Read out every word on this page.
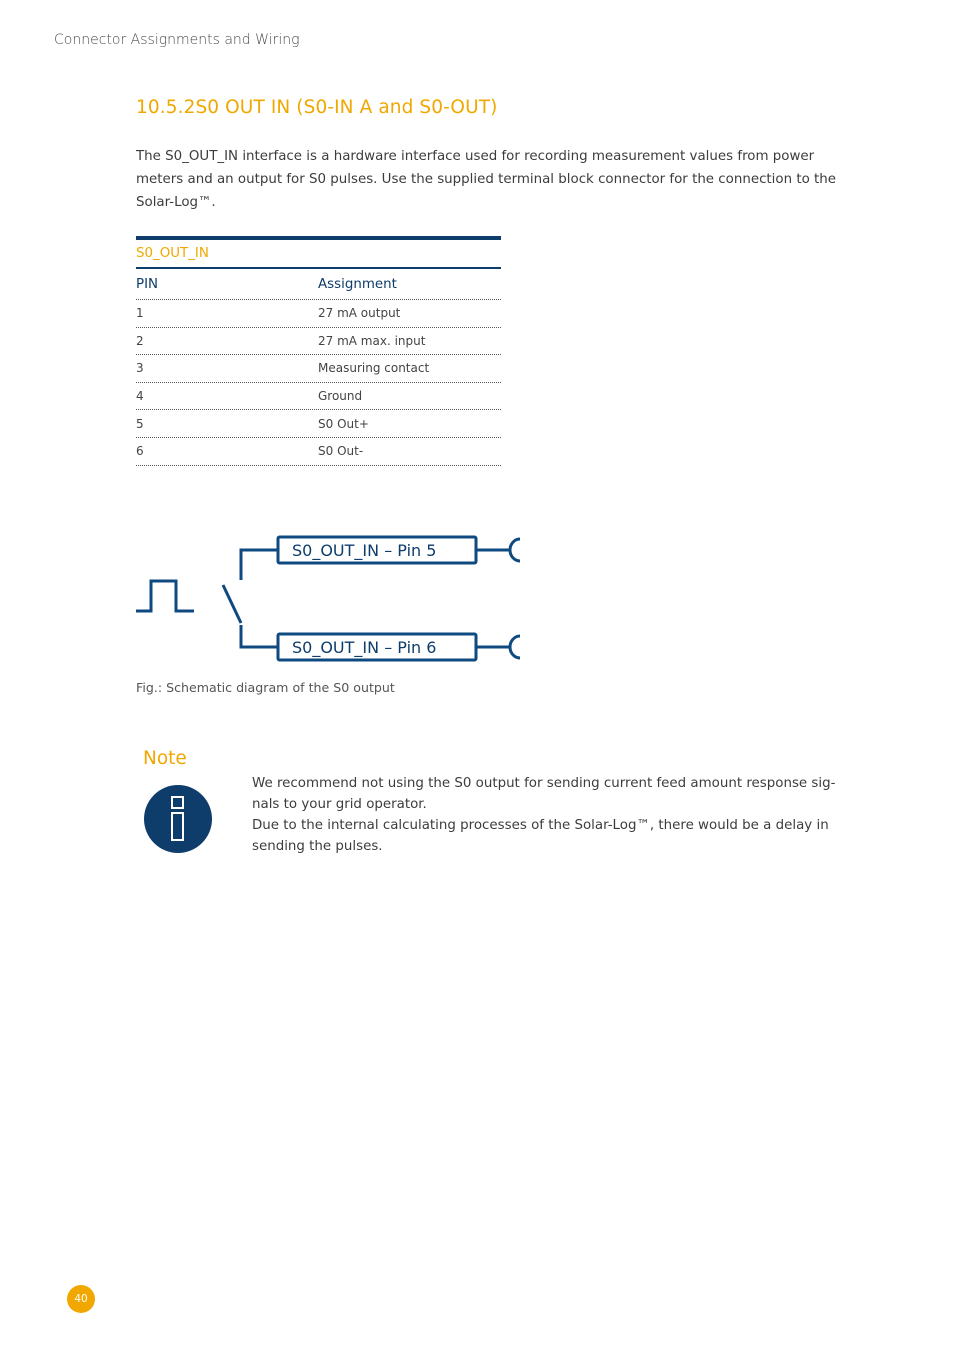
Connector Assignments and Wiring
10.5.2S0 OUT IN (S0-IN A and S0-OUT)

The S0_OUT_IN interface is a hardware interface used for recording measurement values from power meters and an output for S0 pulses. Use the supplied terminal block connector for the connection to the Solar-Log™.

S0_OUT_IN
PIN	Assignment
1	27 mA output
2	27 mA max. input
3	Measuring contact
4	Ground
5	S0 Out+
6	S0 Out-
S0_OUT_IN – Pin 5
S0_OUT_IN – Pin 6
Fig.: Schematic diagram of the S0 output
Note

We recommend not using the S0 output for sending current feed amount response sig-nals to your grid operator.

Due to the internal calculating processes of the Solar-Log™, there would be a delay in sending the pulses.

40
